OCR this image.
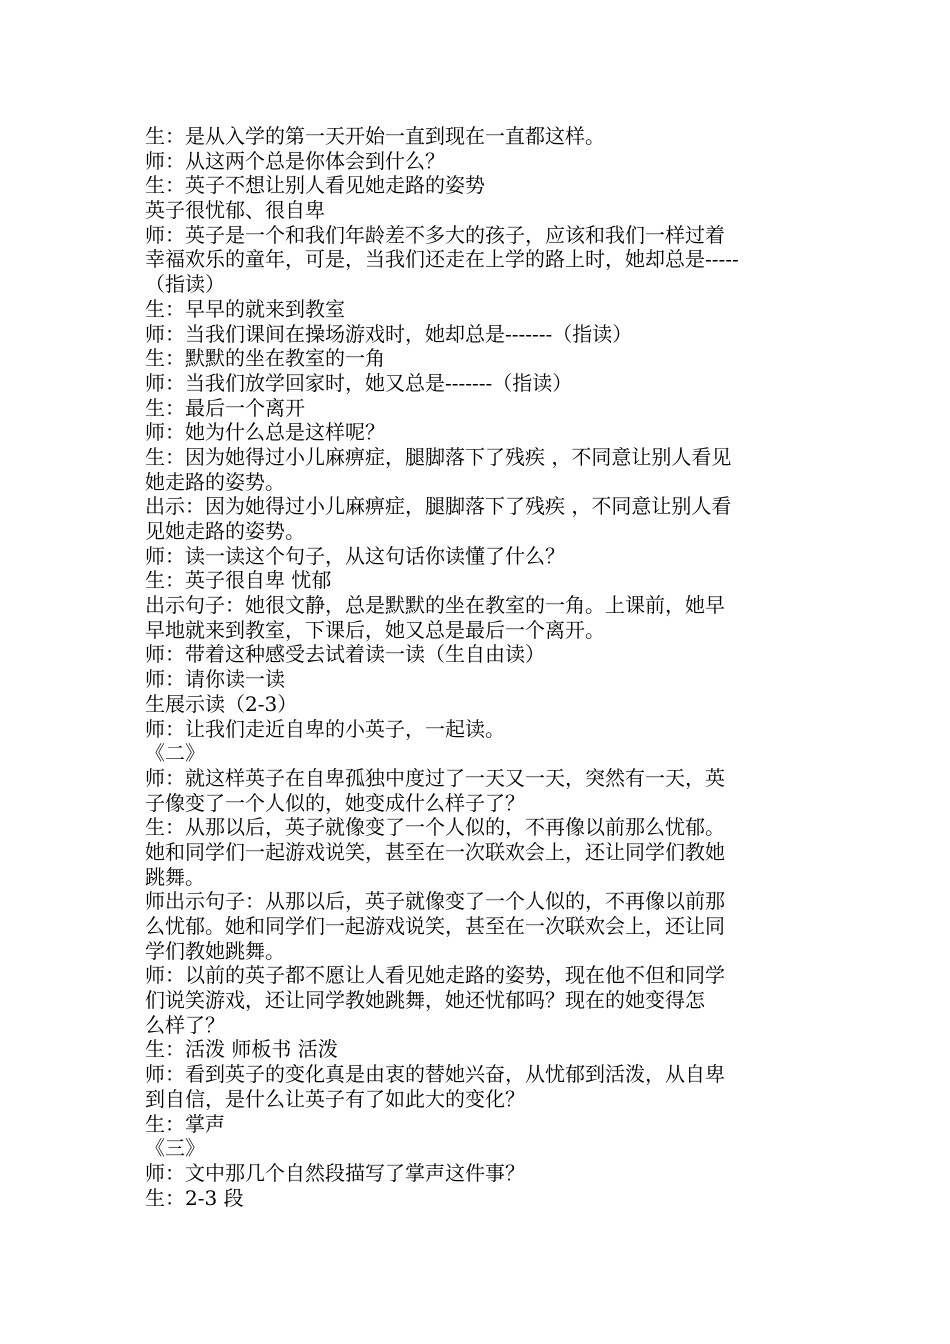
生：是从入学的第一天开始一直到现在一直都这样。
师：从这两个总是你体会到什么？
生：英子不想让别人看见她走路的姿势
英子很忧郁、很自卑
师：英子是一个和我们年龄差不多大的孩子，应该和我们一样过着
幸福欢乐的童年，可是，当我们还走在上学的路上时，她却总是-----
（指读）
生：早早的就来到教室
师：当我们课间在操场游戏时，她却总是-------（指读）
生：默默的坐在教室的一角
师：当我们放学回家时，她又总是-------（指读）
生：最后一个离开
师：她为什么总是这样呢？
生：因为她得过小儿麻痹症，腿脚落下了残疾 ，不同意让别人看见
她走路的姿势。
出示：因为她得过小儿麻痹症，腿脚落下了残疾 ，不同意让别人看
见她走路的姿势。
师：读一读这个句子，从这句话你读懂了什么？
生：英子很自卑 忧郁
出示句子：她很文静，总是默默的坐在教室的一角。上课前，她早
早地就来到教室，下课后，她又总是最后一个离开。
师：带着这种感受去试着读一读（生自由读）
师：请你读一读
生展示读（2-3）
师：让我们走近自卑的小英子，一起读。
《二》
师：就这样英子在自卑孤独中度过了一天又一天，突然有一天，英
子像变了一个人似的，她变成什么样子了？
生：从那以后，英子就像变了一个人似的，不再像以前那么忧郁。
她和同学们一起游戏说笑，甚至在一次联欢会上，还让同学们教她
跳舞。
师出示句子：从那以后，英子就像变了一个人似的，不再像以前那
么忧郁。她和同学们一起游戏说笑，甚至在一次联欢会上，还让同
学们教她跳舞。
师：以前的英子都不愿让人看见她走路的姿势，现在他不但和同学
们说笑游戏，还让同学教她跳舞，她还忧郁吗？现在的她变得怎
么样了？
生：活泼 师板书 活泼
师：看到英子的变化真是由衷的替她兴奋，从忧郁到活泼，从自卑
到自信，是什么让英子有了如此大的变化？
生：掌声
《三》
师：文中那几个自然段描写了掌声这件事？
生：2-3 段
